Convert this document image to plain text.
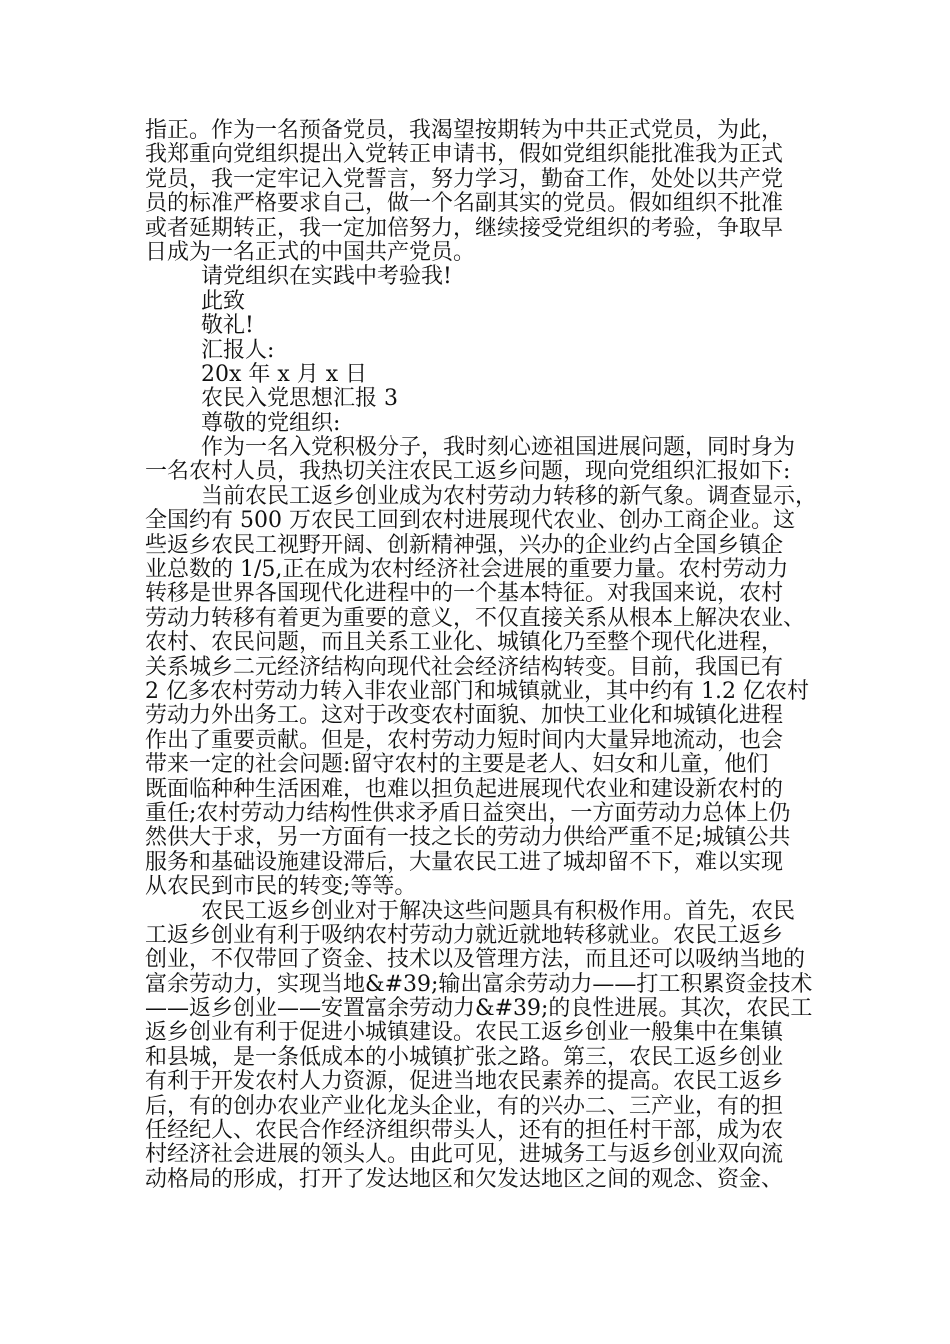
指正。作为一名预备党员，我渴望按期转为中共正式党员，为此，
我郑重向党组织提出入党转正申请书，假如党组织能批准我为正式
党员，我一定牢记入党誓言，努力学习，勤奋工作，处处以共产党
员的标准严格要求自己，做一个名副其实的党员。假如组织不批准
或者延期转正，我一定加倍努力，继续接受党组织的考验，争取早
日成为一名正式的中国共产党员。
请党组织在实践中考验我!
此致
敬礼!
汇报人:
20x 年 x 月 x 日
农民入党思想汇报 3
尊敬的党组织:
作为一名入党积极分子，我时刻心迹祖国进展问题，同时身为
一名农村人员，我热切关注农民工返乡问题，现向党组织汇报如下:
当前农民工返乡创业成为农村劳动力转移的新气象。调查显示，
全国约有 500 万农民工回到农村进展现代农业、创办工商企业。这
些返乡农民工视野开阔、创新精神强，兴办的企业约占全国乡镇企
业总数的 1/5,正在成为农村经济社会进展的重要力量。农村劳动力
转移是世界各国现代化进程中的一个基本特征。对我国来说，农村
劳动力转移有着更为重要的意义，不仅直接关系从根本上解决农业、
农村、农民问题，而且关系工业化、城镇化乃至整个现代化进程，
关系城乡二元经济结构向现代社会经济结构转变。目前，我国已有
2 亿多农村劳动力转入非农业部门和城镇就业，其中约有 1.2 亿农村
劳动力外出务工。这对于改变农村面貌、加快工业化和城镇化进程
作出了重要贡献。但是，农村劳动力短时间内大量异地流动，也会
带来一定的社会问题:留守农村的主要是老人、妇女和儿童，他们
既面临种种生活困难，也难以担负起进展现代农业和建设新农村的
重任;农村劳动力结构性供求矛盾日益突出，一方面劳动力总体上仍
然供大于求，另一方面有一技之长的劳动力供给严重不足;城镇公共
服务和基础设施建设滞后，大量农民工进了城却留不下，难以实现
从农民到市民的转变;等等。
农民工返乡创业对于解决这些问题具有积极作用。首先，农民
工返乡创业有利于吸纳农村劳动力就近就地转移就业。农民工返乡
创业，不仅带回了资金、技术以及管理方法，而且还可以吸纳当地的
富余劳动力，实现当地&#39;输出富余劳动力——打工积累资金技术
——返乡创业——安置富余劳动力&#39;的良性进展。其次，农民工
返乡创业有利于促进小城镇建设。农民工返乡创业一般集中在集镇
和县城，是一条低成本的小城镇扩张之路。第三，农民工返乡创业
有利于开发农村人力资源，促进当地农民素养的提高。农民工返乡
后，有的创办农业产业化龙头企业，有的兴办二、三产业，有的担
任经纪人、农民合作经济组织带头人，还有的担任村干部，成为农
村经济社会进展的领头人。由此可见，进城务工与返乡创业双向流
动格局的形成，打开了发达地区和欠发达地区之间的观念、资金、
